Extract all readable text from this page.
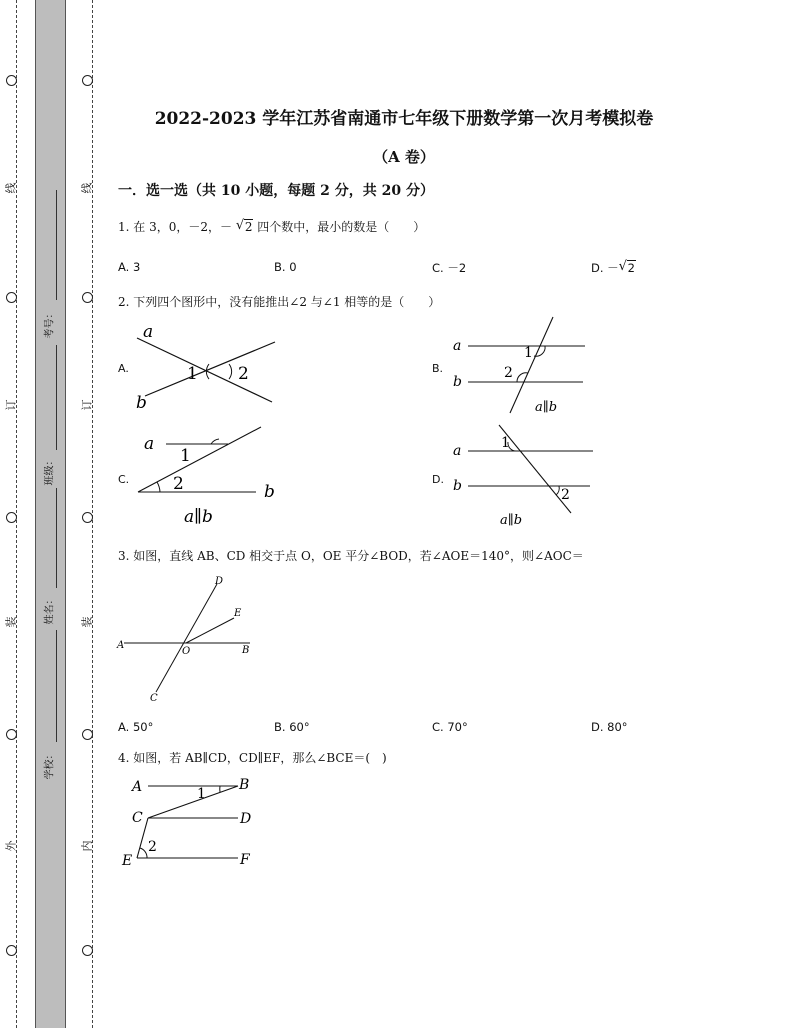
线
订
装
外
线
订
装
内
考号：
班级：
姓名：
学校：
2022-2023 学年江苏省南通市七年级下册数学第一次月考模拟卷
（A 卷）
一．选一选（共 10 小题，每题 2 分，共 20 分）
1. 在 3，0，－2，－ √ 2 四个数中，最小的数是（　　）
A. 3	B. 0	C. －2	D. － √ 2
2. 下列四个图形中，没有能推出∠2 与∠1 相等的是（　　）
A.
a
b
1 2	B.
a
b
1
2
a∥b
C.
a
b
1
2
a∥b
D.
a
b
1
2
a∥b
3. 如图，直线 AB、CD 相交于点 O，OE 平分∠BOD，若∠AOE＝140°，则∠AOC＝
A	B
C
D
E
O
A. 50°	B. 60°	C. 70°	D. 80°
4. 如图，若 AB∥CD，CD∥EF，那么∠BCE＝(　)
A	B
C	D
E	F
1
2
